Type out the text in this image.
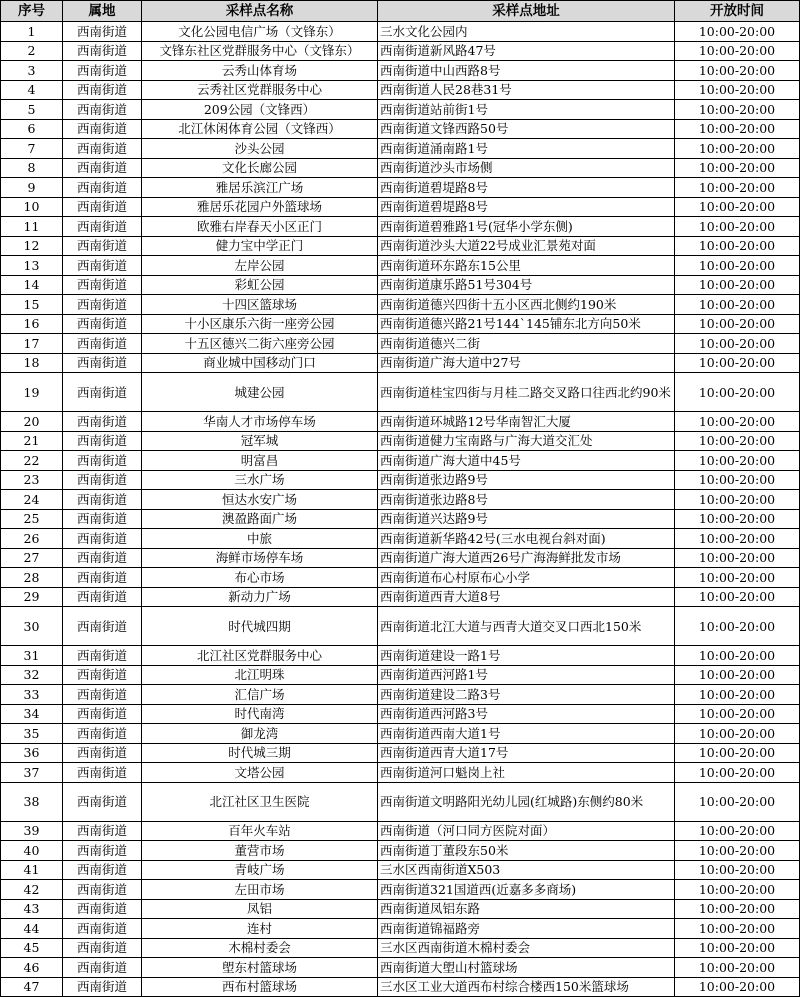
序号	属地	采样点名称	采样点地址	开放时间
1	西南街道	文化公园电信广场（文锋东）	三水文化公园内	10:00-20:00
2	西南街道	文锋东社区党群服务中心（文锋东）	西南街道新风路47号	10:00-20:00
3	西南街道	云秀山体育场	西南街道中山西路8号	10:00-20:00
4	西南街道	云秀社区党群服务中心	西南街道人民28巷31号	10:00-20:00
5	西南街道	209公园（文锋西）	西南街道站前街1号	10:00-20:00
6	西南街道	北江休闲体育公园（文锋西）	西南街道文锋西路50号	10:00-20:00
7	西南街道	沙头公园	西南街道涌南路1号	10:00-20:00
8	西南街道	文化长廊公园	西南街道沙头市场侧	10:00-20:00
9	西南街道	雅居乐滨江广场	西南街道碧堤路8号	10:00-20:00
10	西南街道	雅居乐花园户外篮球场	西南街道碧堤路8号	10:00-20:00
11	西南街道	欧雅右岸春天小区正门	西南街道碧雅路1号(冠华小学东侧)	10:00-20:00
12	西南街道	健力宝中学正门	西南街道沙头大道22号成业汇景苑对面	10:00-20:00
13	西南街道	左岸公园	西南街道环东路东15公里	10:00-20:00
14	西南街道	彩虹公园	西南街道康乐路51号304号	10:00-20:00
15	西南街道	十四区篮球场	西南街道德兴四街十五小区西北侧约190米	10:00-20:00
16	西南街道	十小区康乐六街一座旁公园	西南街道德兴路21号144`145铺东北方向50米	10:00-20:00
17	西南街道	十五区德兴二街六座旁公园	西南街道德兴二街	10:00-20:00
18	西南街道	商业城中国移动门口	西南街道广海大道中27号	10:00-20:00
19	西南街道	城建公园	西南街道桂宝四街与月桂二路交叉路口往西北约90米	10:00-20:00
20	西南街道	华南人才市场停车场	西南街道环城路12号华南智汇大厦	10:00-20:00
21	西南街道	冠军城	西南街道健力宝南路与广海大道交汇处	10:00-20:00
22	西南街道	明富昌	西南街道广海大道中45号	10:00-20:00
23	西南街道	三水广场	西南街道张边路9号	10:00-20:00
24	西南街道	恒达水安广场	西南街道张边路8号	10:00-20:00
25	西南街道	澳盈路面广场	西南街道兴达路9号	10:00-20:00
26	西南街道	中旅	西南街道新华路42号(三水电视台斜对面)	10:00-20:00
27	西南街道	海鲜市场停车场	西南街道广海大道西26号广海海鲜批发市场	10:00-20:00
28	西南街道	布心市场	西南街道布心村原布心小学	10:00-20:00
29	西南街道	新动力广场	西南街道西青大道8号	10:00-20:00
30	西南街道	时代城四期	西南街道北江大道与西青大道交叉口西北150米	10:00-20:00
31	西南街道	北江社区党群服务中心	西南街道建设一路1号	10:00-20:00
32	西南街道	北江明珠	西南街道西河路1号	10:00-20:00
33	西南街道	汇信广场	西南街道建设二路3号	10:00-20:00
34	西南街道	时代南湾	西南街道西河路3号	10:00-20:00
35	西南街道	御龙湾	西南街道西南大道1号	10:00-20:00
36	西南街道	时代城三期	西南街道西青大道17号	10:00-20:00
37	西南街道	文塔公园	西南街道河口魁岗上社	10:00-20:00
38	西南街道	北江社区卫生医院	西南街道文明路阳光幼儿园(红城路)东侧约80米	10:00-20:00
39	西南街道	百年火车站	西南街道（河口同方医院对面）	10:00-20:00
40	西南街道	董营市场	西南街道丁董段东50米	10:00-20:00
41	西南街道	青岐广场	三水区西南街道X503	10:00-20:00
42	西南街道	左田市场	西南街道321国道西(近嘉多多商场)	10:00-20:00
43	西南街道	凤铝	西南街道凤铝东路	10:00-20:00
44	西南街道	连村	西南街道锦福路旁	10:00-20:00
45	西南街道	木棉村委会	三水区西南街道木棉村委会	10:00-20:00
46	西南街道	塱东村篮球场	西南街道大塱山村篮球场	10:00-20:00
47	西南街道	西布村篮球场	三水区工业大道西布村综合楼西150米篮球场	10:00-20:00
